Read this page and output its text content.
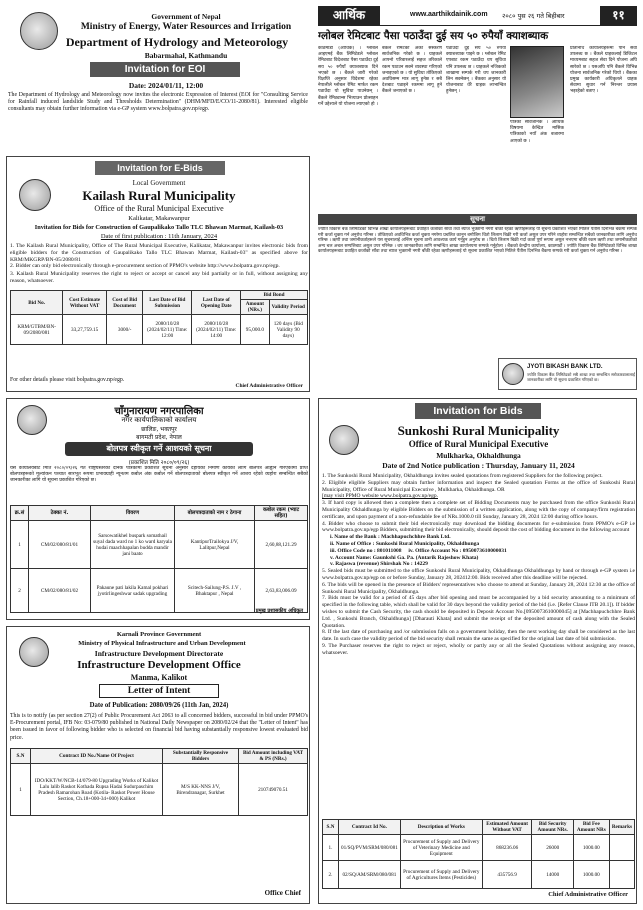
Government of Nepal
Ministry of Energy, Water Resources and Irrigation
Department of Hydrology and Meteorology
Babarmahal, Kathmandu
Invitation for EOI
Date: 2024/01/11, 12:00
The Department of Hydrology and Meteorology now invites the electronic Expression of Interest (EOI for "Consulting Service for Rainfall induced landslide Study and Thresholds Determination" (DHM/MFD/E/CO/11-2080/81). Interested eligible consultants may obtain further information via e-GP system www.bolpatra.gov.np/egp.
आर्थिक	www.aarthikdainik.com २०८० पुस २६ गते बिहीबार	११
ग्लोबल रेमिटबाट पैसा पठाउँदा दुई सय ५० रुपैयाँ क्याशब्याक
काठमाडौं (आर्थिक) । ग्लोबल आइएमई बैंक लिमिटेडले ग्लोबल रेमिटबाट विदेशबाट पैसा पठाउँदा दुई सय ५० रुपैयाँ क्याशब्याक दिने भएको छ । बैंकले जारी गरेको विज्ञप्ति अनुसार विदेशमा रहेका नेपालीले ग्लोबल रेमिट मार्फत रकम पठाउँदा यो सुविधा पाउनेछन् । बैंकले रेमिट्यान्स भित्र्याउन प्रोत्साहन गर्ने उद्देश्यले यो योजना ल्याएको हो ।
बैंकले रेमिटको अर्को संस्करण सार्वजनिक गरेको छ । ग्राहकले आफ्नो परिवारलाई सहज तरिकाले रकम पठाउन सक्ने व्यवस्था गरिएको जनाइएको छ । यो सुविधा तोकिएको अवधिसम्म मात्र लागू हुनेछ र सबै देशबाट पठाइने रकममा लागू हुने बैंकले जनाएको छ ।
पठाउँदा दुई सय ५० रुपैयाँ क्याशब्याक पाइने छ । ग्लोबल रेमिट एपबाट रकम पठाउँदा थप सुविधा पनि उपलब्ध छ । ग्राहकले नजिकको शाखामा सम्पर्क गरी थप जानकारी लिन सक्नेछन् । बैंकका अनुसार यो योजनाबाट धेरै ग्राहक लाभान्वित हुनेछन् ।
पत्रिका सार्वजनिक । आर्थिक विषयमा केन्द्रित मासिक पत्रिकाको नयाँ अंक बजारमा आएको छ ।
प्रतिनिधि कार्यालयहरूमा पनि सेवा उपलब्ध छ । बैंकले ग्राहकलाई डिजिटल माध्यमबाट सहज सेवा दिने योजना अघि सारेको छ । यसअघि पनि बैंकले विभिन्न योजना सार्वजनिक गरेको थियो । बैंकका प्रमुख कार्यकारी अधिकृतले ग्राहक सेवामा सुधार गर्न निरन्तर प्रयास भइरहेको बताए ।
सूचना
ज्योति विकास बैंक लिमिटेडको विभिन्न शाखा कार्यालयहरूबाट प्रवाहित कर्जाको साँवा तथा ब्याज भुक्तानी नगरी बाँकी रहेका ऋणीहरूलाई यो सूचना प्रकाशित भएको मितिले पैंतीस दिनभित्र बैंकमा सम्पर्क गरी कर्जा चुक्ता गर्न अनुरोध गरिन्छ । तोकिएको अवधिभित्र कर्जा चुक्ता नगरेमा प्रचलित कानून बमोजिम धितो लिलाम बिक्री गरी कर्जा असुल उपर गरिने व्यहोरा सम्बन्धित सबैको जानकारीका लागि अनुरोध गरिन्छ । ऋणी तथा जमानीकर्ताहरूले यस सूचनालाई अन्तिम सूचना ठानी आवश्यक कार्य गर्नुहुन अनुरोध छ । धितो लिलाम बिक्री गर्दा कर्जा पूर्ण रूपमा असुल नभएमा बाँकी रकम ऋणी तथा जमानीकर्ताको अन्य चल अचल सम्पत्तिबाट असुल उपर गरिनेछ । थप जानकारीका लागि सम्बन्धित शाखा कार्यालयमा सम्पर्क गर्नुहोला । बैंकको केन्द्रीय कार्यालय, काठमाडौं । ज्योति विकास बैंक लिमिटेडको विभिन्न शाखा कार्यालयहरूबाट प्रवाहित कर्जाको साँवा तथा ब्याज भुक्तानी नगरी बाँकी रहेका ऋणीहरूलाई यो सूचना प्रकाशित भएको मितिले पैंतीस दिनभित्र बैंकमा सम्पर्क गरी कर्जा चुक्ता गर्न अनुरोध गरिन्छ ।
JYOTI BIKASH BANK LTD.
ज्योति विकास बैंक लिमिटेडको सबै शाखा तथा सम्बन्धित सरोकारवालालाई जानकारीका लागि यो सूचना प्रकाशित गरिएको छ।
Invitation for E-Bids
Local Government
Kailash Rural Municipality
Office of the Rural Municipal Executive
Kalikatar, Makawanpur
Invitation for Bids for Construction of Gaupalikako Tallo TLC Bhawan Marmat, Kailash-03
Date of first publication : 11th January, 2024
1. The Kailash Rural Municipality, Office of The Rural Municipal Executive, Kalikatar, Makawanpur invites electronic bids from eligible bidders for the Construction of Gaupalikako Tallo TLC Bhawan Marmat, Kailash-03" as specified above for KRM/MKGRP/BN-05/2080/81
2. Bidder can only bid electronically through e-procurement section of PPMO's website http://www.bolpatra.gov.np/egp.
3. Kailash Rural Municipality reserves the right to reject or accept or cancel any bid partially or in full, without assigning any reason, whatsoever.
Bid No.	Cost Estimate Without VAT	Cost of Bid Document	Last Date of Bid Submission	Last Date of Opening Date	Bid Bond	
					Amount (NRs.)	Validity Period
KRM/GTBM/BN-09/2080/081	33,27,759.15	3000/-	2080/10/28 (2024/02/11) Time: 12:00	2080/10/28 (2024/02/11) Time: 14:00	95,000.0	120 days (Bid Validity 90 days)
For other details please visit bolpatra.gov.np/egp.
Chief Administrative Officer
चाँगुनारायण नगरपालिका
नगर कार्यपालिकाको कार्यालय
छालिङ, भक्तपुर
बागमती प्रदेश, नेपाल
बोलपत्र स्वीकृत गर्ने आशयको सूचना
(प्रकाशित मिति २०८०/०९/२६)
यस कार्यालयबाट मिति २०८०/०९/२६ गते राष्ट्रियस्तरको दैनिक पत्रिकामा प्रकाशित सूचना अनुसार देहायका निर्माण कार्यका लागि बोलपत्र आह्वान गरिएकोमा प्राप्त बोलपत्रहरूको मूल्यांकन पश्चात सारभूत रूपमा प्रभावग्राही न्यूनतम कबोल अंक कबोल गर्ने बोलपत्रदाताको बोलपत्र स्वीकृत गर्ने आशय रहेको व्यहोरा सम्बन्धित सबैको जानकारीका लागि यो सूचना प्रकाशित गरिएको छ।
क्र.सं	ठेक्का नं.	विवरण	बोलपत्रदाताको नाम र ठेगाना	कबोल रकम (भ्याट सहित)
1	CM/02/080/81/01	Sarsowatikhel buspark somathail suyal dada ward no 1 ko ward karyala hudai maachhapalan budda mandir jani baato	KantipurTrailokya J/V, Lalitpur,Nepal	2,60,88,121.29
2	CM/02/080/81/02	Pakaune pati lakila Kamal pokhari jyotirlingeshwar sadak upgrading	Scitech-Sailung-P.S. J.V , Bhaktapur , Nepal	2,63,83,006.09
प्रमुख प्रशासकीय अधिकृत
Karnali Province Government
Ministry of Physical Infrastructure and Urban Development
Infrastructure Development Directorate
Infrastructure Development Office
Manma, Kalikot
Letter of Intent
Date of Publication: 2080/09/26 (11th Jan, 2024)
This is to notify (as per section 27(2) of Public Procurement Act 2063 to all concerned bidders, successful in bid under PPMO's E-Procurement portal, IFB No: 03-079/80 published in National Daily Newspaper on 2080/02/24 that the "Letter of Intent" has been issued in favor of following bidder who is selected on financial bid having substantially responsive lowest evaluated bid price.
S.N	Contract ID No./Name Of Project	Substantially Responsive Bidders	Bid Amount including VAT & PS (NRs.)
1	IDO/KKT/W/NCB-14/079-80 Upgrading Works of Kalikot Lalu lalib Raskot Kothada Rupsa Hadai Sudurpaschim Pradesh Ramarohan Road (Kotila- Raskot Power House Section, Ch.18+000-34+000) Kalikot	M/S KK-NNS J/V, Birendranagar, Surkhet	210749070.51
Office Chief
Invitation for Bids
Sunkoshi Rural Municipality
Office of Rural Municipal Executive
Mulkharka, Okhaldhunga
Date of 2nd Notice publication : Thursday, January 11, 2024

1. The Sunkoshi Rural Municipality, Okhaldhunga invites sealed quotations from registered Suppliers for the following project.

2. Eligible eligible Suppliers may obtain further information and inspect the Sealed quotation Forms at the office of Sunkoshi Rural Municipality, Office of Rural Municipal Executive , Mulkharka, Okhaldhunga. OR

[may visit PPMO website www.bolpatra.gov.np/egp.

3. If hard copy is allowed then a complete then a complete set of Bidding Documents may be purchased from the office Sunkoshi Rural Municipality Okhaldhunga by eligible Bidders on the submission of a written application, along with the copy of company/firm registration certificate, and upon payment of a non-refundable fee of NRs.1000.0 till Sunday, January 28, 2024 12:00 during office hours.

4. Bidder who choose to submit their bid electronically may download the bidding documents for e-submission from PPMO's e-GP i.e www.bolpatra.gov.np/egp Bidders, submitting their bid electronically, should deposit the cost of bidding document in the following account

i. Name of the Bank : Machhapuchchhre Bank Ltd.

ii. Name of Office : Sunkoshi Rural Municipality, Okhaldhunga

iii. Office Code no : 801011008     iv. Office Account No : 0950073610000031

v. Account Name: Gaunkshi Ga. Pa. (Antarik Rajeshow Khata)

v. Rajaswa (revenue) Shirshak No : 14229

5. Sealed bids must be submitted to the office Sunkoshi Rural Municipality, Okhaldhunga Okhaldhunga by hand or through e-GP system i.e www.bolpatra.gov.np/egp on or before Sunday, January 28, 202412:00. Bids received after this deadline will be rejected.

6. The bids will be opened in the presence of Bidders' representatives who choose to attend at Sunday, January 28, 2024 12:30 at the office of Sunkoshi Rural Municipality, Okhaldhunga.

7. Bids must be valid for a period of 45 days after bid opening and must be accompanied by a bid security amounting to a minimum of specified in the following table, which shall be valid for 30 days beyond the validity period of the bid (i.e. [Refer Clause ITB 20.1]). If bidder wishes to submit the Cash Security, the cash should be deposited in Deposit Account No.[0950073610000045] at [Machhapuchchhre Bank Ltd. , Sunkoshi Branch, Okhaldhunga] [Dharauti Khata] and submit the receipt of the deposited amount of cash along with the Sealed Quotation.

8. If the last date of purchasing and /or submission falls on a government holiday, then the next working day shall be considered as the last date. In such case the validity period of the bid security shall remain the same as specified for the original last date of bid submission.

9. The Purchaser reserves the right to reject or reject, wholly or partly any or all the Sealed Quotations without assigning any reason, whatsoever.

S.N	Contract Id No.	Description of Works	Estimated Amount Without VAT	Bid Security Amount NRs.	Bid Fee Amount NRs	Remarks
1.	01/SQ/PVM/SRM/080/081	Procurement of Supply and Delivery of Veterinary Medicine and Equipment	868236.06	26000	1000.00	
2.	02/SQ/AM/SRM/080/081	Procurement of Supply and Delivery of Agricultures Items (Pesticides)	435756.9	14000	1000.00	
Chief Administrative Officer
